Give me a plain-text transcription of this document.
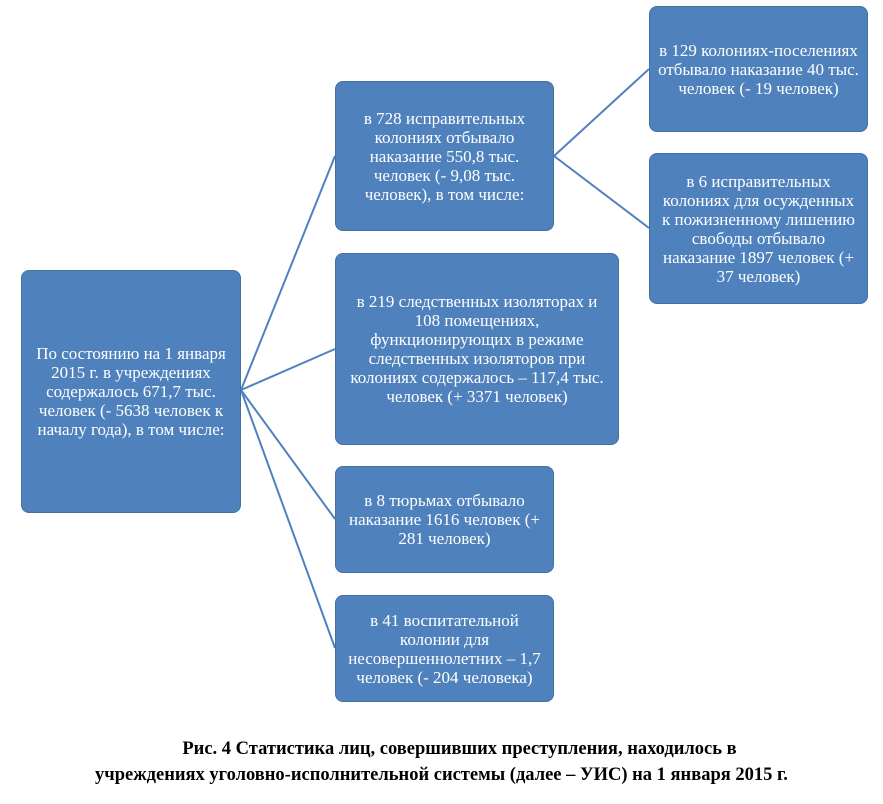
По состоянию на 1 января 2015 г. в учреждениях содержалось 671,7 тыс. человек (- 5638 человек к началу года), в том числе:
в 728 исправительных колониях отбывало наказание 550,8 тыс. человек (- 9,08 тыс. человек), в том числе:
в 219 следственных изоляторах и 108 помещениях, функционирующих в режиме следственных изоляторов при колониях содержалось – 117,4 тыс. человек (+ 3371 человек)
в 8 тюрьмах отбывало наказание 1616 человек (+ 281 человек)
в 41 воспитательной колонии для несовершеннолетних – 1,7 человек (- 204 человека)
в 129 колониях-поселениях отбывало наказание 40 тыс. человек (- 19 человек)
в 6 исправительных колониях для осужденных к пожизненному лишению свободы отбывало наказание 1897 человек (+ 37 человек)
Рис. 4 Статистика лиц, совершивших преступления, находилось в
учреждениях уголовно-исполнительной системы (далее – УИС) на 1 января 2015 г.
